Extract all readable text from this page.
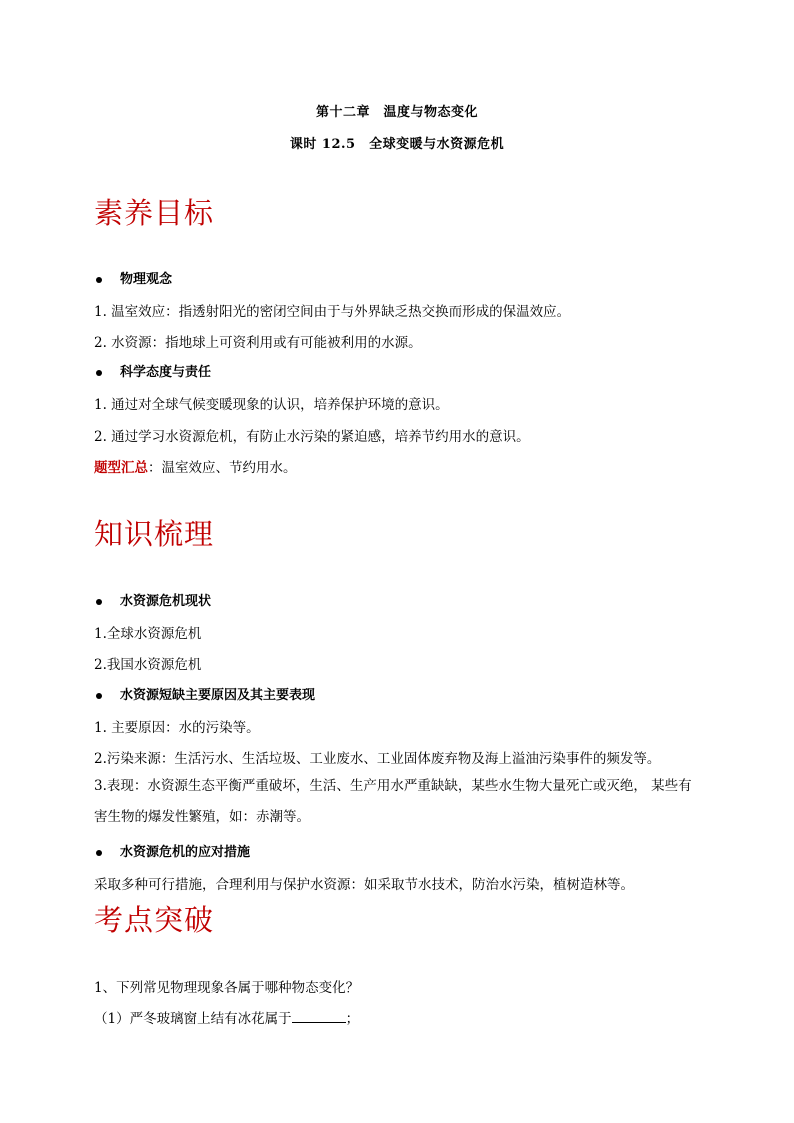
第十二章　温度与物态变化
课时 12.5　全球变暖与水资源危机
素养目标
物理观念
1. 温室效应：指透射阳光的密闭空间由于与外界缺乏热交换而形成的保温效应。
2. 水资源：指地球上可资利用或有可能被利用的水源。
科学态度与责任
1. 通过对全球气候变暖现象的认识，培养保护环境的意识。
2. 通过学习水资源危机，有防止水污染的紧迫感，培养节约用水的意识。
题型汇总：温室效应、节约用水。
知识梳理
水资源危机现状
1.全球水资源危机
2.我国水资源危机
水资源短缺主要原因及其主要表现
1. 主要原因：水的污染等。
2.污染来源：生活污水、生活垃圾、工业废水、工业固体废弃物及海上溢油污染事件的频发等。
3.表现：水资源生态平衡严重破坏，生活、生产用水严重缺缺，某些水生物大量死亡或灭绝， 某些有害生物的爆发性繁殖，如：赤潮等。
水资源危机的应对措施
采取多种可行措施，合理利用与保护水资源：如采取节水技术，防治水污染，植树造林等。
考点突破
1、下列常见物理现象各属于哪种物态变化？
（1）严冬玻璃窗上结有冰花属于	；
